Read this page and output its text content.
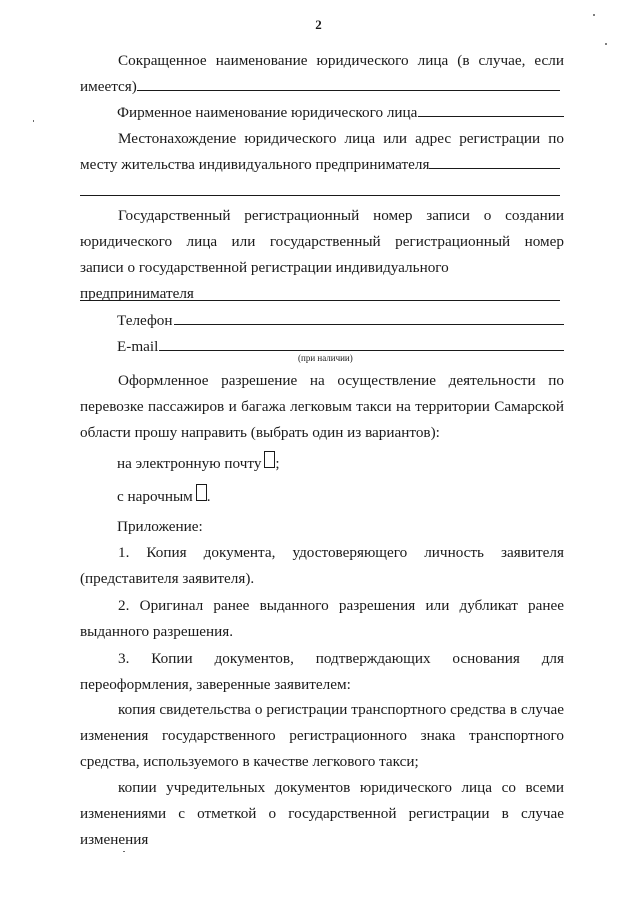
2
Сокращенное наименование юридического лица (в случае, если
имеется)
Фирменное наименование юридического лица
Местонахождение юридического лица или адрес регистрации по
месту жительства индивидуального предпринимателя
Государственный регистрационный номер записи о создании
юридического лица или государственный регистрационный номер
записи о государственной регистрации индивидуального предпринимателя
Телефон
E-mail
(при наличии)
Оформленное разрешение на осуществление деятельности по перевозке пассажиров и багажа легковым такси на территории Самарской области прошу направить (выбрать один из вариантов):
на электронную почту ;
с нарочным .
Приложение:
1. Копия документа, удостоверяющего личность заявителя (представителя заявителя).
2. Оригинал ранее выданного разрешения или дубликат ранее выданного разрешения.
3. Копии документов, подтверждающих основания для переоформления, заверенные заявителем:
копия свидетельства о регистрации транспортного средства в случае изменения государственного регистрационного знака транспортного средства, используемого в качестве легкового такси;
копии учредительных документов юридического лица со всеми изменениями с отметкой о государственной регистрации в случае изменения
